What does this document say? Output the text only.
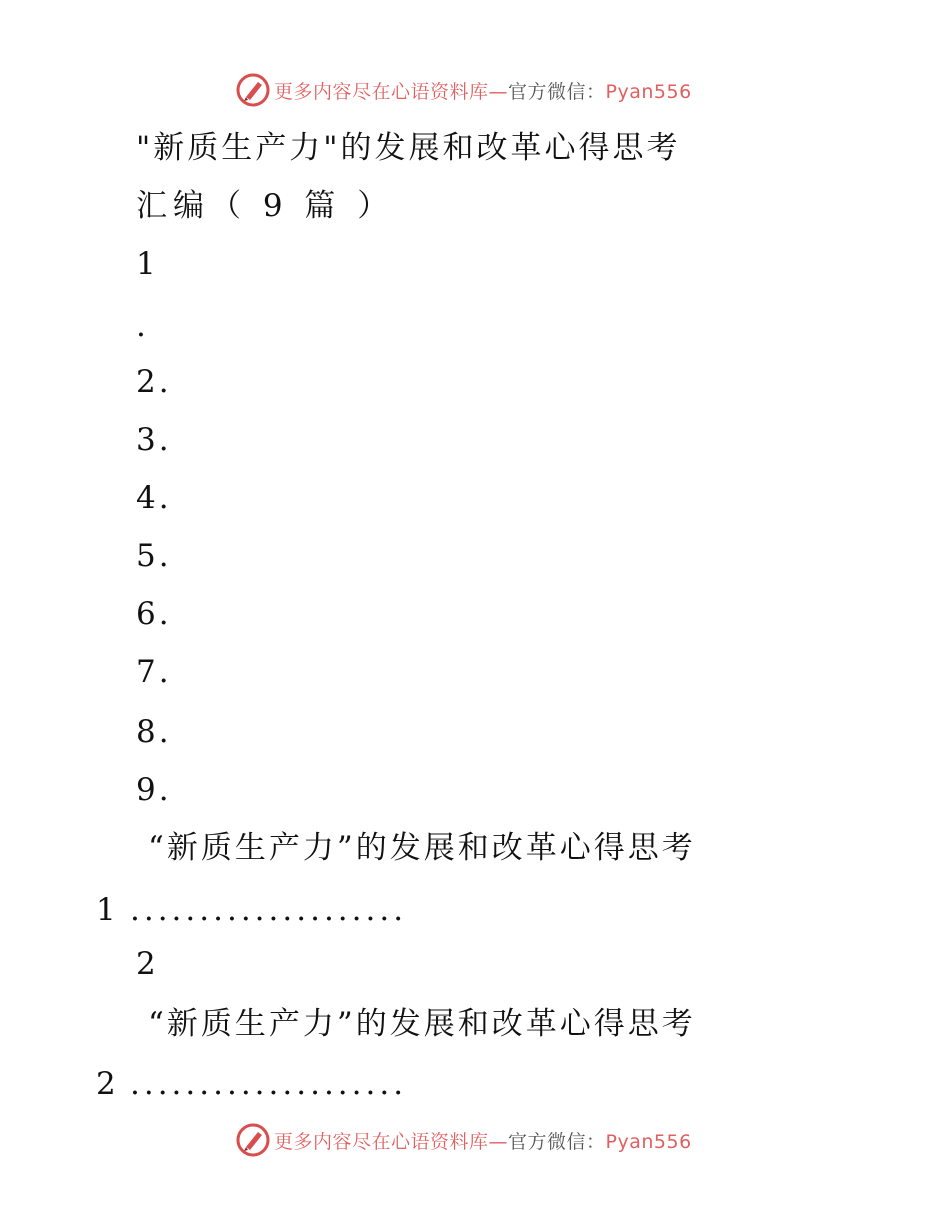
更多内容尽在心语资料库—官方微信：Pyan556
"新质生产力"的发展和改革心得思考
汇编（ 9 篇 ）
1
.
2.
3.
4.
5.
6.
7.
8.
9.
“新质生产力”的发展和改革心得思考
1 ....................
2
“新质生产力”的发展和改革心得思考
2 ....................
更多内容尽在心语资料库—官方微信：Pyan556
